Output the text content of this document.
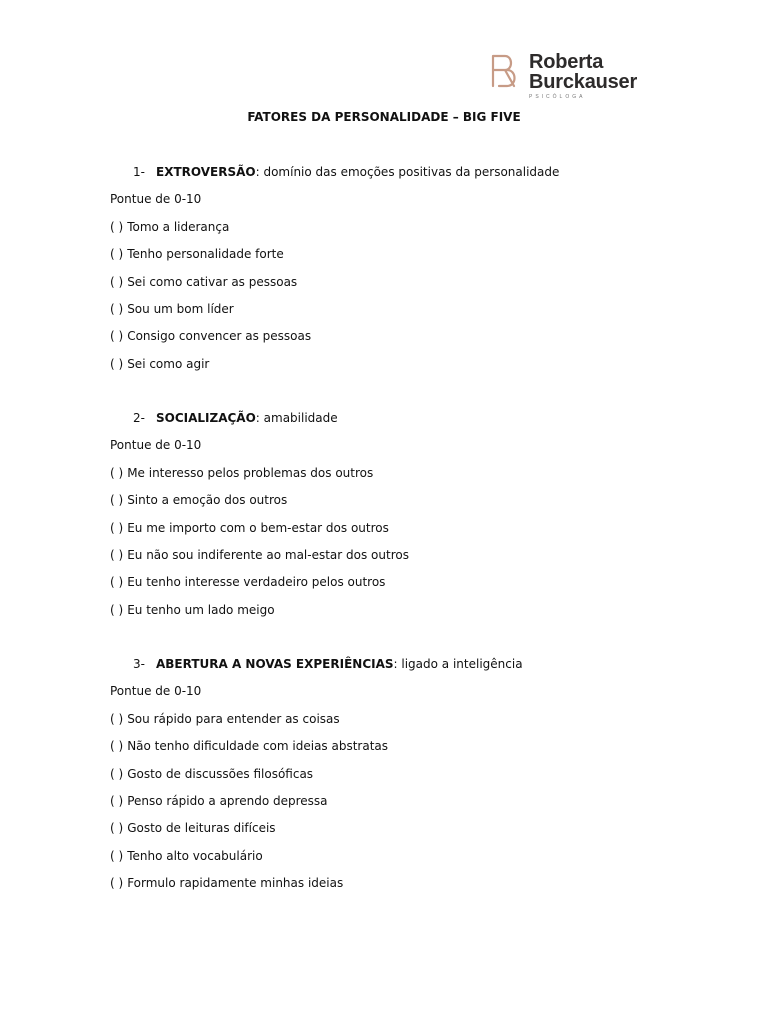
Roberta
Burckauser
PSICÓLOGA
FATORES DA PERSONALIDADE – BIG FIVE
1- EXTROVERSÃO: domínio das emoções positivas da personalidade
Pontue de 0-10
( ) Tomo a liderança
( ) Tenho personalidade forte
( ) Sei como cativar as pessoas
( ) Sou um bom líder
( ) Consigo convencer as pessoas
( ) Sei como agir
2- SOCIALIZAÇÃO: amabilidade
Pontue de 0-10
( ) Me interesso pelos problemas dos outros
( ) Sinto a emoção dos outros
( ) Eu me importo com o bem-estar dos outros
( ) Eu não sou indiferente ao mal-estar dos outros
( ) Eu tenho interesse verdadeiro pelos outros
( ) Eu tenho um lado meigo
3- ABERTURA A NOVAS EXPERIÊNCIAS: ligado a inteligência
Pontue de 0-10
( ) Sou rápido para entender as coisas
( ) Não tenho dificuldade com ideias abstratas
( ) Gosto de discussões filosóficas
( ) Penso rápido a aprendo depressa
( ) Gosto de leituras difíceis
( ) Tenho alto vocabulário
( ) Formulo rapidamente minhas ideias
